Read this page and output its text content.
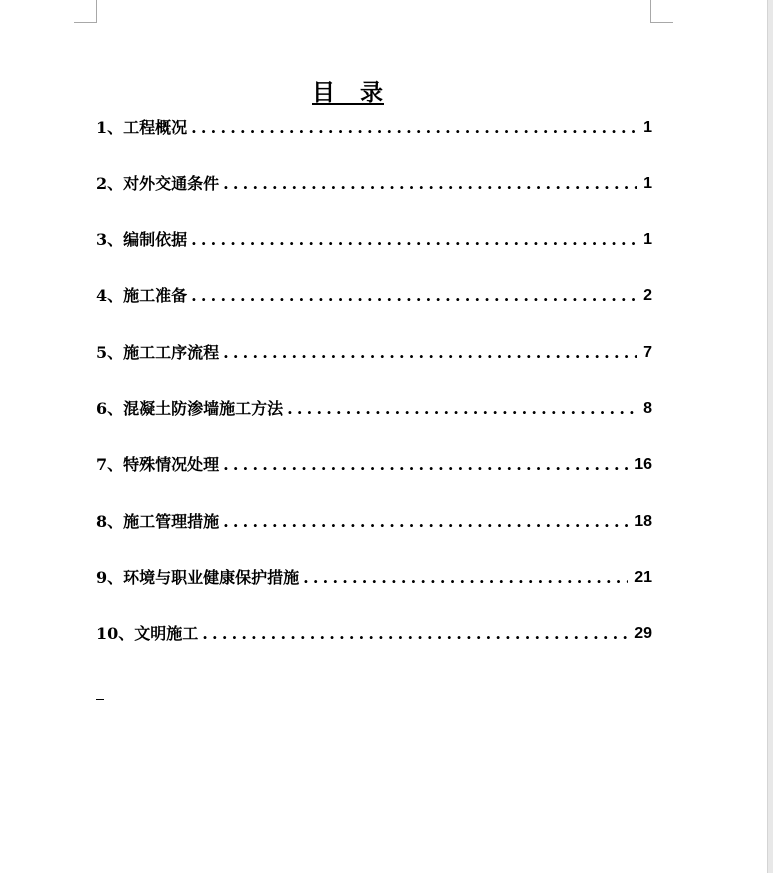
目　录
1、工程概况 .....	1
2、对外交通条件 .....	1
3、编制依据 .....	1
4、施工准备 .....	2
5、施工工序流程 .....	7
6、混凝土防渗墙施工方法 .....	8
7、特殊情况处理 .....	16
8、施工管理措施 .....	18
9、环境与职业健康保护措施 .....	21
10、文明施工 .....	29
